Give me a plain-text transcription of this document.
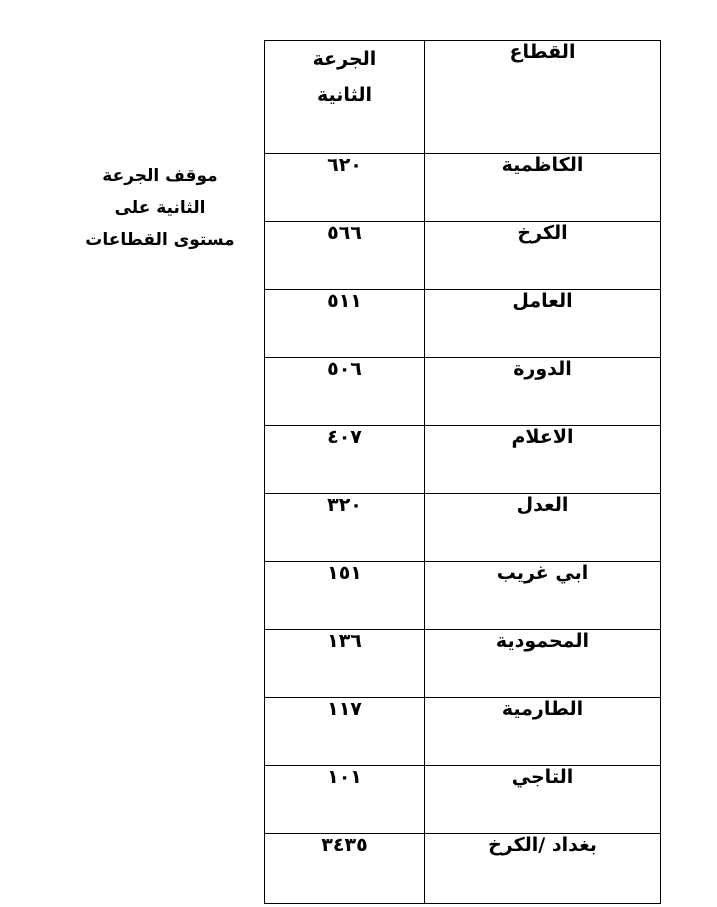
موقف الجرعة
الثانية على
مستوى القطاعات
القطاع	الجرعة
الثانية

الكاظمية	٦٢٠
الكرخ	٥٦٦
العامل	٥١١
الدورة	٥٠٦
الاعلام	٤٠٧
العدل	٣٢٠
ابي غريب	١٥١
المحمودية	١٣٦
الطارمية	١١٧
التاجي	١٠١
بغداد /الكرخ	٣٤٣٥
